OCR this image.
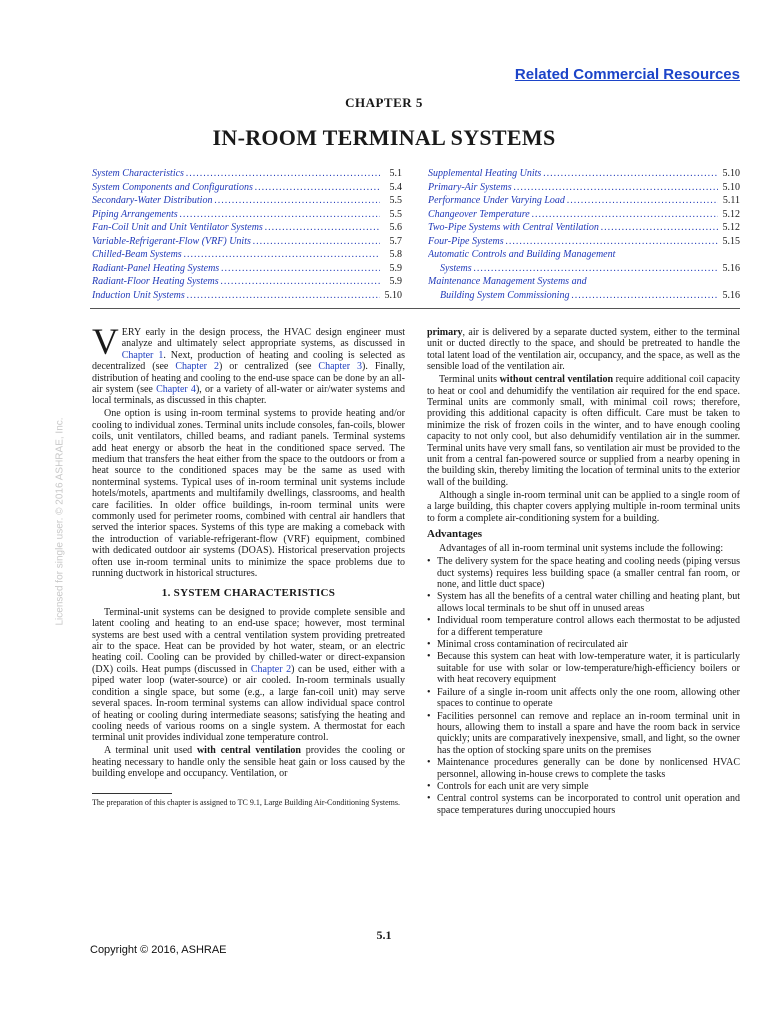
Related Commercial Resources
CHAPTER 5
IN-ROOM TERMINAL SYSTEMS
System Characteristics .....	5.1
System Components and Configurations .....	5.4
Secondary-Water Distribution .....	5.5
Piping Arrangements .....	5.5
Fan-Coil Unit and Unit Ventilator Systems .....	5.6
Variable-Refrigerant-Flow (VRF) Units .....	5.7
Chilled-Beam Systems .....	5.8
Radiant-Panel Heating Systems .....	5.9
Radiant-Floor Heating Systems .....	5.9
Induction Unit Systems .....	5.10
Supplemental Heating Units .....	5.10
Primary-Air Systems .....	5.10
Performance Under Varying Load .....	5.11
Changeover Temperature .....	5.12
Two-Pipe Systems with Central Ventilation .....	5.12
Four-Pipe Systems .....	5.15
Automatic Controls and Building Management
Systems .....	5.16
Maintenance Management Systems and
Building System Commissioning .....	5.16

VERY early in the design process, the HVAC design engineer must analyze and ultimately select appropriate systems, as discussed in Chapter 1. Next, production of heating and cooling is selected as decentralized (see Chapter 2) or centralized (see Chapter 3). Finally, distribution of heating and cooling to the end-use space can be done by an all-air system (see Chapter 4), or a variety of all-water or air/water systems and local terminals, as discussed in this chapter.

One option is using in-room terminal systems to provide heating and/or cooling to individual zones. Terminal units include consoles, fan-coils, blower coils, unit ventilators, chilled beams, and radiant panels. Terminal systems add heat energy or absorb the heat in the conditioned space served. The medium that transfers the heat either from the space to the outdoors or from a heat source to the conditioned spaces may be the same as used with nonterminal systems. Typical uses of in-room terminal unit systems include hotels/motels, apartments and multifamily dwellings, classrooms, and health care facilities. In older office buildings, in-room terminal units were commonly used for perimeter rooms, combined with central air handlers that served the interior spaces. Systems of this type are making a comeback with the introduction of variable-refrigerant-flow (VRF) equipment, combined with dedicated outdoor air systems (DOAS). Historical preservation projects often use in-room terminal units to minimize the space problems due to running ductwork in historical structures.

1. SYSTEM CHARACTERISTICS

Terminal-unit systems can be designed to provide complete sensible and latent cooling and heating to an end-use space; however, most terminal systems are best used with a central ventilation system providing pretreated air to the space. Heat can be provided by hot water, steam, or an electric heating coil. Cooling can be provided by chilled-water or direct-expansion (DX) coils. Heat pumps (discussed in Chapter 2) can be used, either with a piped water loop (water-source) or air cooled. In-room terminals usually condition a single space, but some (e.g., a large fan-coil unit) may serve several spaces. In-room terminal systems can allow individual space control of heating or cooling during intermediate seasons; satisfying the heating and cooling needs of various rooms on a single system. A thermostat for each terminal unit provides individual zone temperature control.

A terminal unit used with central ventilation provides the cooling or heating necessary to handle only the sensible heat gain or loss caused by the building envelope and occupancy. Ventilation, or

The preparation of this chapter is assigned to TC 9.1, Large Building Air-Conditioning Systems.

primary, air is delivered by a separate ducted system, either to the terminal unit or ducted directly to the space, and should be pretreated to handle the total latent load of the ventilation air, occupancy, and the space, as well as the sensible load of the ventilation air.

Terminal units without central ventilation require additional coil capacity to heat or cool and dehumidify the ventilation air required for the end space. Terminal units are commonly small, with minimal coil rows; therefore, providing this additional capacity is often difficult. Care must be taken to minimize the risk of frozen coils in the winter, and to have enough cooling capacity to not only cool, but also dehumidify ventilation air in the summer. Terminal units have very small fans, so ventilation air must be provided to the unit from a central fan-powered source or supplied from a nearby opening in the building skin, thereby limiting the location of terminal units to the exterior wall of the building.

Although a single in-room terminal unit can be applied to a single room of a large building, this chapter covers applying multiple in-room terminal units to form a complete air-conditioning system for a building.

Advantages

Advantages of all in-room terminal unit systems include the following:

• The delivery system for the space heating and cooling needs (piping versus duct systems) requires less building space (a smaller central fan room, or none, and little duct space)
• System has all the benefits of a central water chilling and heating plant, but allows local terminals to be shut off in unused areas
• Individual room temperature control allows each thermostat to be adjusted for a different temperature
• Minimal cross contamination of recirculated air
• Because this system can heat with low-temperature water, it is particularly suitable for use with solar or low-temperature/high-efficiency boilers or with heat recovery equipment
• Failure of a single in-room unit affects only the one room, allowing other spaces to continue to operate
• Facilities personnel can remove and replace an in-room terminal unit in hours, allowing them to install a spare and have the room back in service quickly; units are comparatively inexpensive, small, and light, so the owner has the option of stocking spare units on the premises
• Maintenance procedures generally can be done by nonlicensed HVAC personnel, allowing in-house crews to complete the tasks
• Controls for each unit are very simple
• Central control systems can be incorporated to control unit operation and space temperatures during unoccupied hours
5.1
Copyright © 2016, ASHRAE
Licensed for single user. © 2016 ASHRAE, Inc.
